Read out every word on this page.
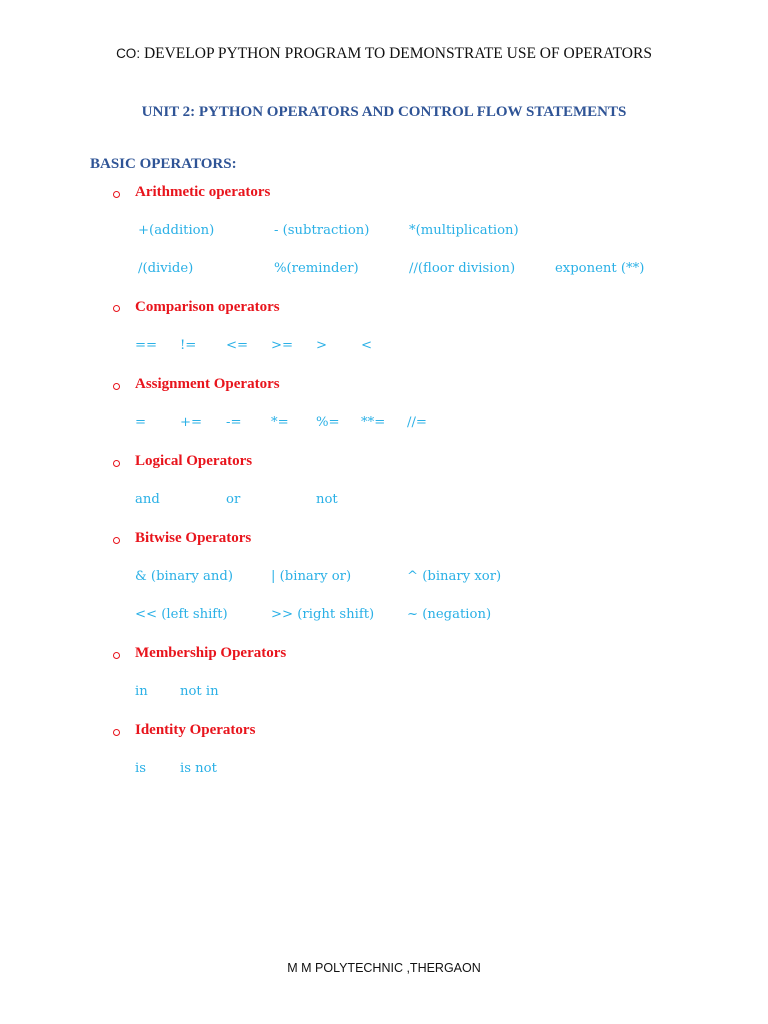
CO: DEVELOP PYTHON PROGRAM TO DEMONSTRATE USE OF OPERATORS
UNIT 2: PYTHON OPERATORS AND CONTROL FLOW STATEMENTS
BASIC OPERATORS:
Arithmetic operators
+(addition)	- (subtraction)	*(multiplication)
/(divide)	%(reminder)	//(floor division)	exponent (**)
Comparison operators
== != <= >= >	<
Assignment Operators
=	+= -= *= %= **= //=
Logical Operators
and	or	not
Bitwise Operators
& (binary and)	| (binary or)	^ (binary xor)
<< (left shift)	>> (right shift) ~ (negation)
Membership Operators
in not in
Identity Operators
is	is not
M M POLYTECHNIC ,THERGAON
